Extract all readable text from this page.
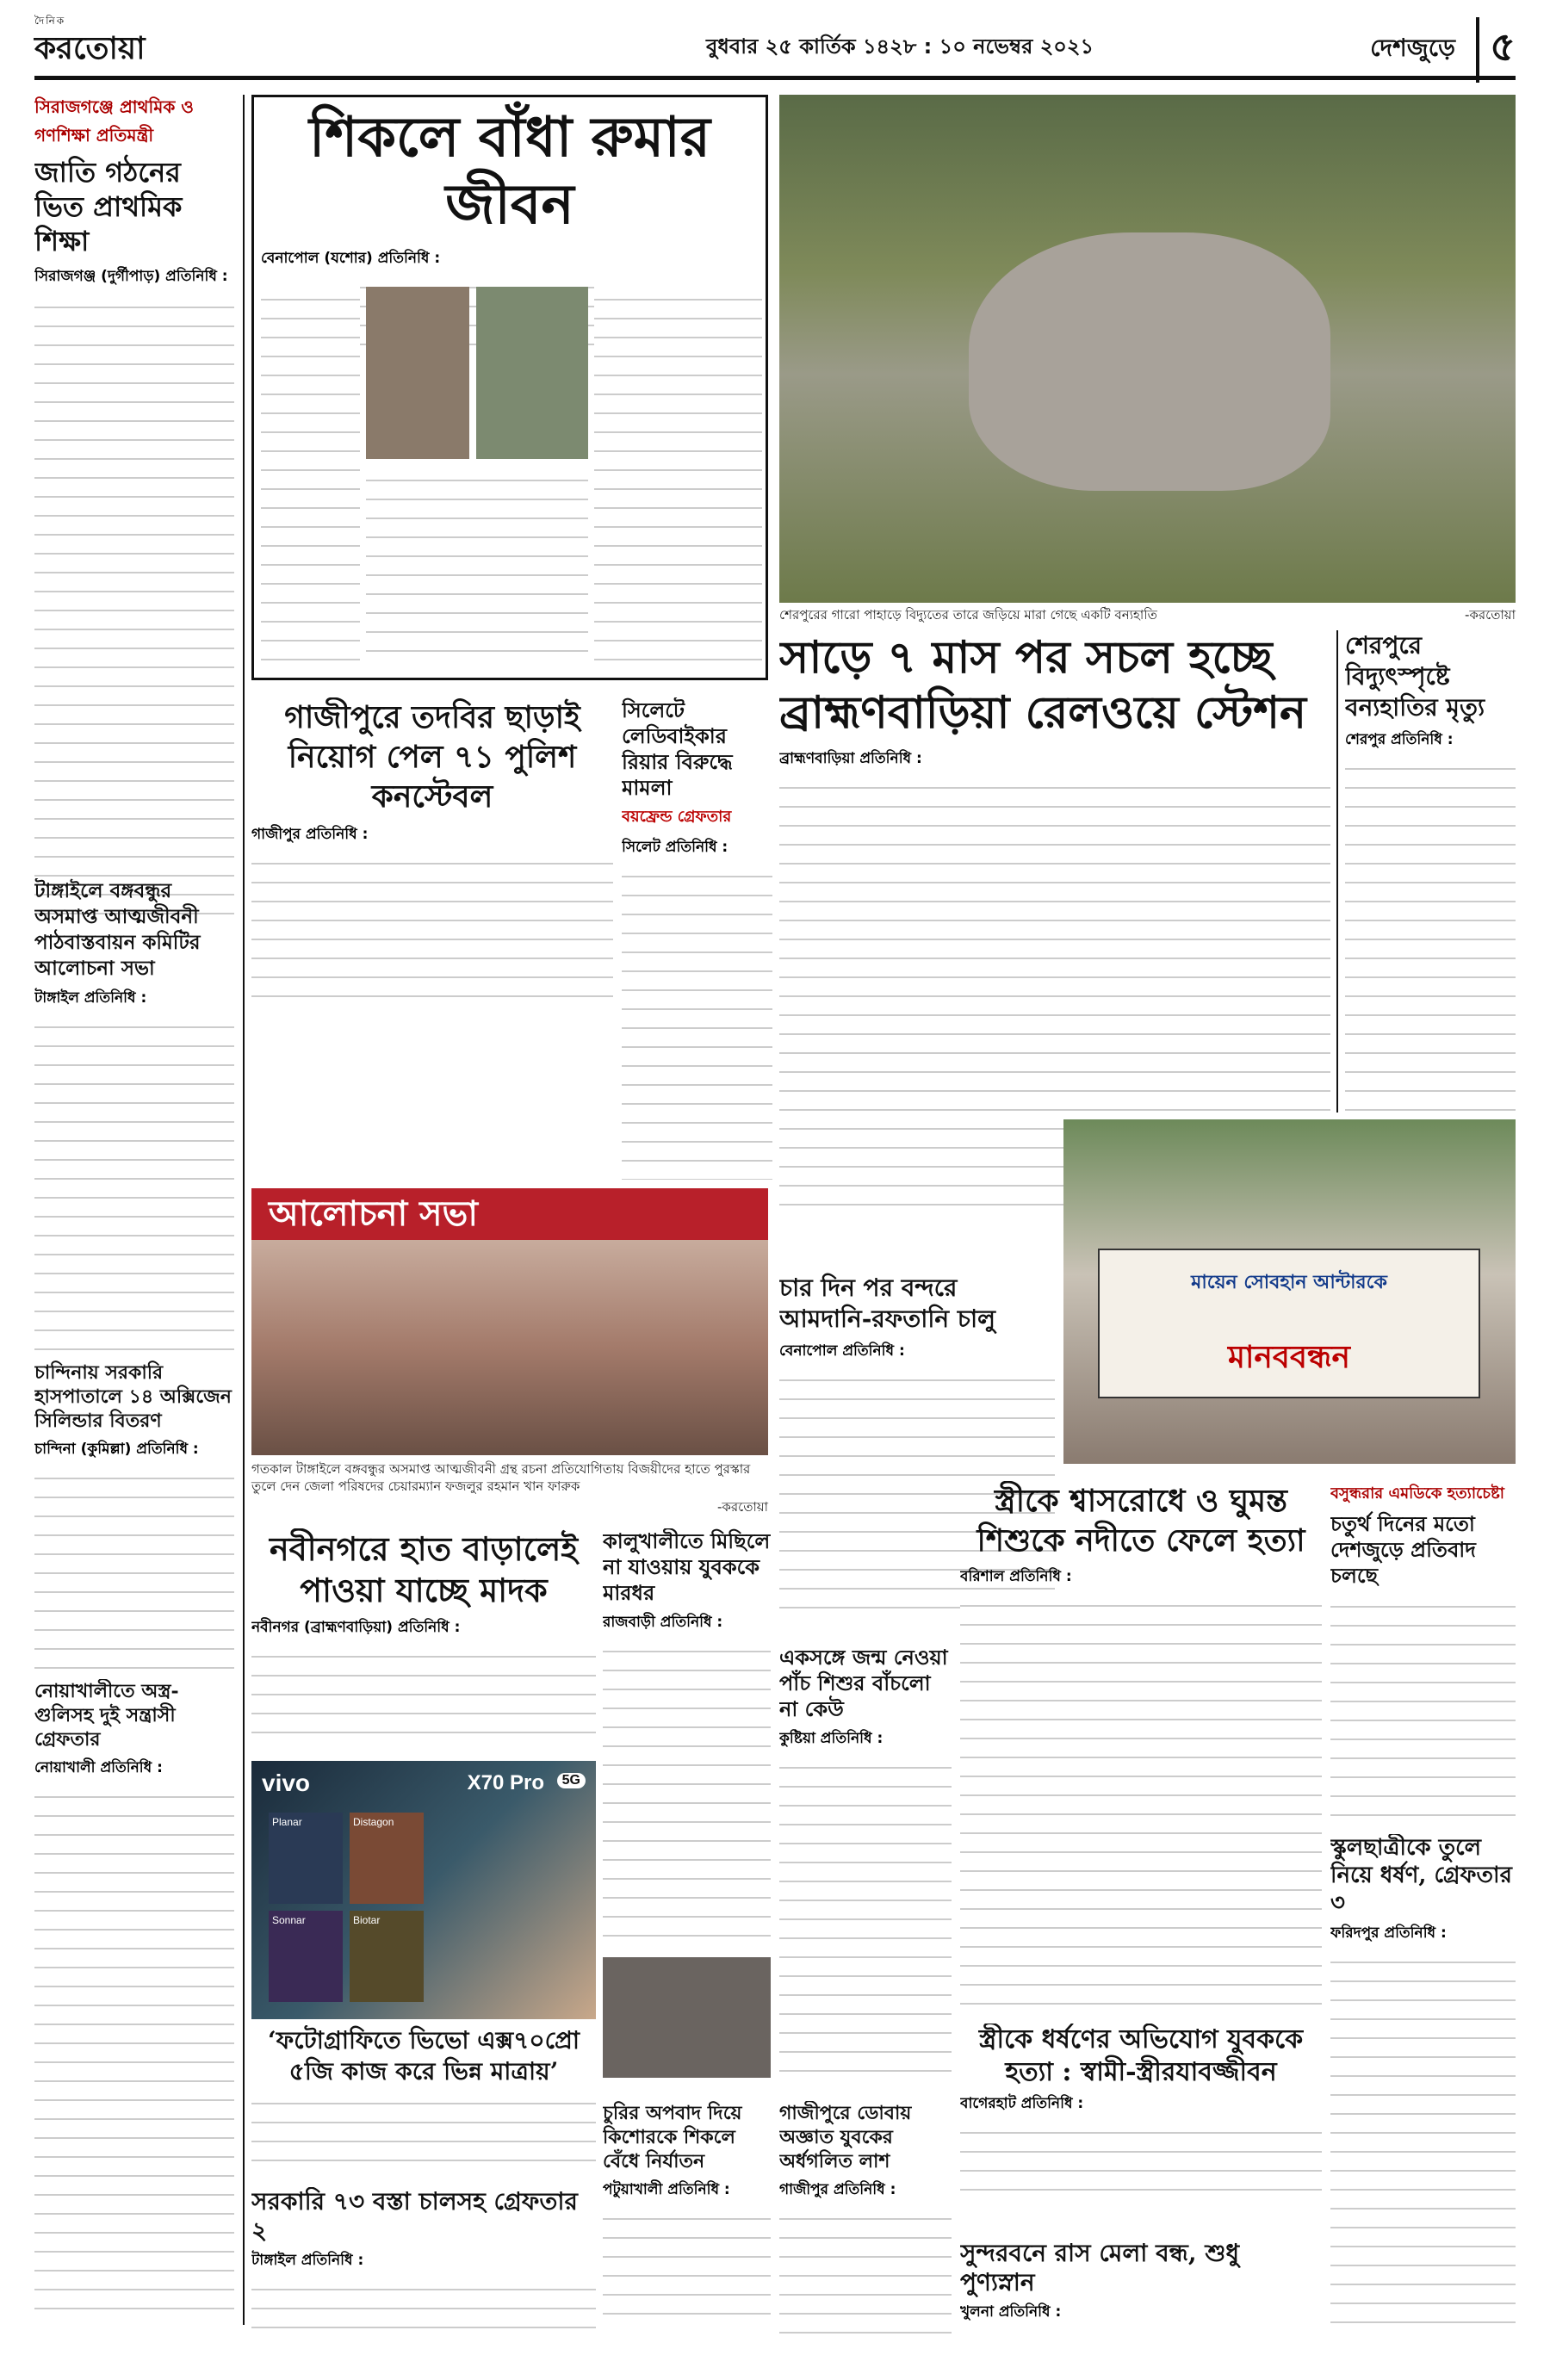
দৈনিক
করতোয়া	বুধবার ২৫ কার্তিক ১৪২৮ : ১০ নভেম্বর ২০২১	দেশজুড়ে ৫
সিরাজগঞ্জে প্রাথমিক ও গণশিক্ষা প্রতিমন্ত্রী
জাতি গঠনের ভিত প্রাথমিক শিক্ষা
সিরাজগঞ্জ (দুর্গীপাড়) প্রতিনিধি :
শিকলে বাঁধা রুমার জীবন
বেনাপোল (যশোর) প্রতিনিধি :
শেরপুরের গারো পাহাড়ে বিদ্যুতের তারে জড়িয়ে মারা গেছে একটি বন্যহাতি	-করতোয়া
সাড়ে ৭ মাস পর সচল হচ্ছে ব্রাহ্মণবাড়িয়া রেলওয়ে স্টেশন
ব্রাহ্মণবাড়িয়া প্রতিনিধি :
শেরপুরে বিদ্যুৎস্পৃষ্টে বন্যহাতির মৃত্যু
শেরপুর প্রতিনিধি :
গাজীপুরে তদবির ছাড়াই নিয়োগ পেল ৭১ পুলিশ কনস্টেবল
গাজীপুর প্রতিনিধি :
সিলেটে লেডিবাইকার রিয়ার বিরুদ্ধে মামলা
বয়ফ্রেন্ড গ্রেফতার
সিলেট প্রতিনিধি :
টাঙ্গাইলে বঙ্গবন্ধুর অসমাপ্ত আত্মজীবনী পাঠবাস্তবায়ন কমিটির আলোচনা সভা
টাঙ্গাইল প্রতিনিধি :
আলোচনা সভা
গতকাল টাঙ্গাইলে বঙ্গবন্ধুর অসমাপ্ত আত্মজীবনী গ্রন্থ রচনা প্রতিযোগিতায় বিজয়ীদের হাতে পুরস্কার তুলে দেন জেলা পরিষদের চেয়ারম্যান ফজলুর রহমান খান ফারুক
-করতোয়া
চার দিন পর বন্দরে আমদানি-রফতানি চালু
বেনাপোল প্রতিনিধি :
মায়েন সোবহান আন্টারকে
মানববন্ধন
চান্দিনায় সরকারি হাসপাতালে ১৪ অক্সিজেন সিলিন্ডার বিতরণ
চান্দিনা (কুমিল্লা) প্রতিনিধি :
নোয়াখালীতে অস্ত্র-গুলিসহ দুই সন্ত্রাসী গ্রেফতার
নোয়াখালী প্রতিনিধি :
নবীনগরে হাত বাড়ালেই পাওয়া যাচ্ছে মাদক
নবীনগর (ব্রাহ্মণবাড়িয়া) প্রতিনিধি :
কালুখালীতে মিছিলে না যাওয়ায় যুবককে মারধর
রাজবাড়ী প্রতিনিধি :
vivo	X70 Pro	5G
Planar	Distagon
Sonnar	Biotar
‘ফটোগ্রাফিতে ভিভো এক্স৭০প্রো ৫জি কাজ করে ভিন্ন মাত্রায়’
চুরির অপবাদ দিয়ে কিশোরকে শিকলে বেঁধে নির্যাতন
পটুয়াখালী প্রতিনিধি :
সরকারি ৭৩ বস্তা চালসহ গ্রেফতার ২
টাঙ্গাইল প্রতিনিধি :
একসঙ্গে জন্ম নেওয়া পাঁচ শিশুর বাঁচলো না কেউ
কুষ্টিয়া প্রতিনিধি :
স্ত্রীকে শ্বাসরোধে ও ঘুমন্ত শিশুকে নদীতে ফেলে হত্যা
বরিশাল প্রতিনিধি :
বসুন্ধরার এমডিকে হত্যাচেষ্টা
চতুর্থ দিনের মতো দেশজুড়ে প্রতিবাদ চলছে
স্কুলছাত্রীকে তুলে নিয়ে ধর্ষণ, গ্রেফতার ৩
ফরিদপুর প্রতিনিধি :
গাজীপুরে ডোবায় অজ্ঞাত যুবকের অর্ধগলিত লাশ
গাজীপুর প্রতিনিধি :
স্ত্রীকে ধর্ষণের অভিযোগ যুবককে হত্যা : স্বামী-স্ত্রীরযাবজ্জীবন
বাগেরহাট প্রতিনিধি :
সুন্দরবনে রাস মেলা বন্ধ, শুধু পুণ্যস্নান
খুলনা প্রতিনিধি :
